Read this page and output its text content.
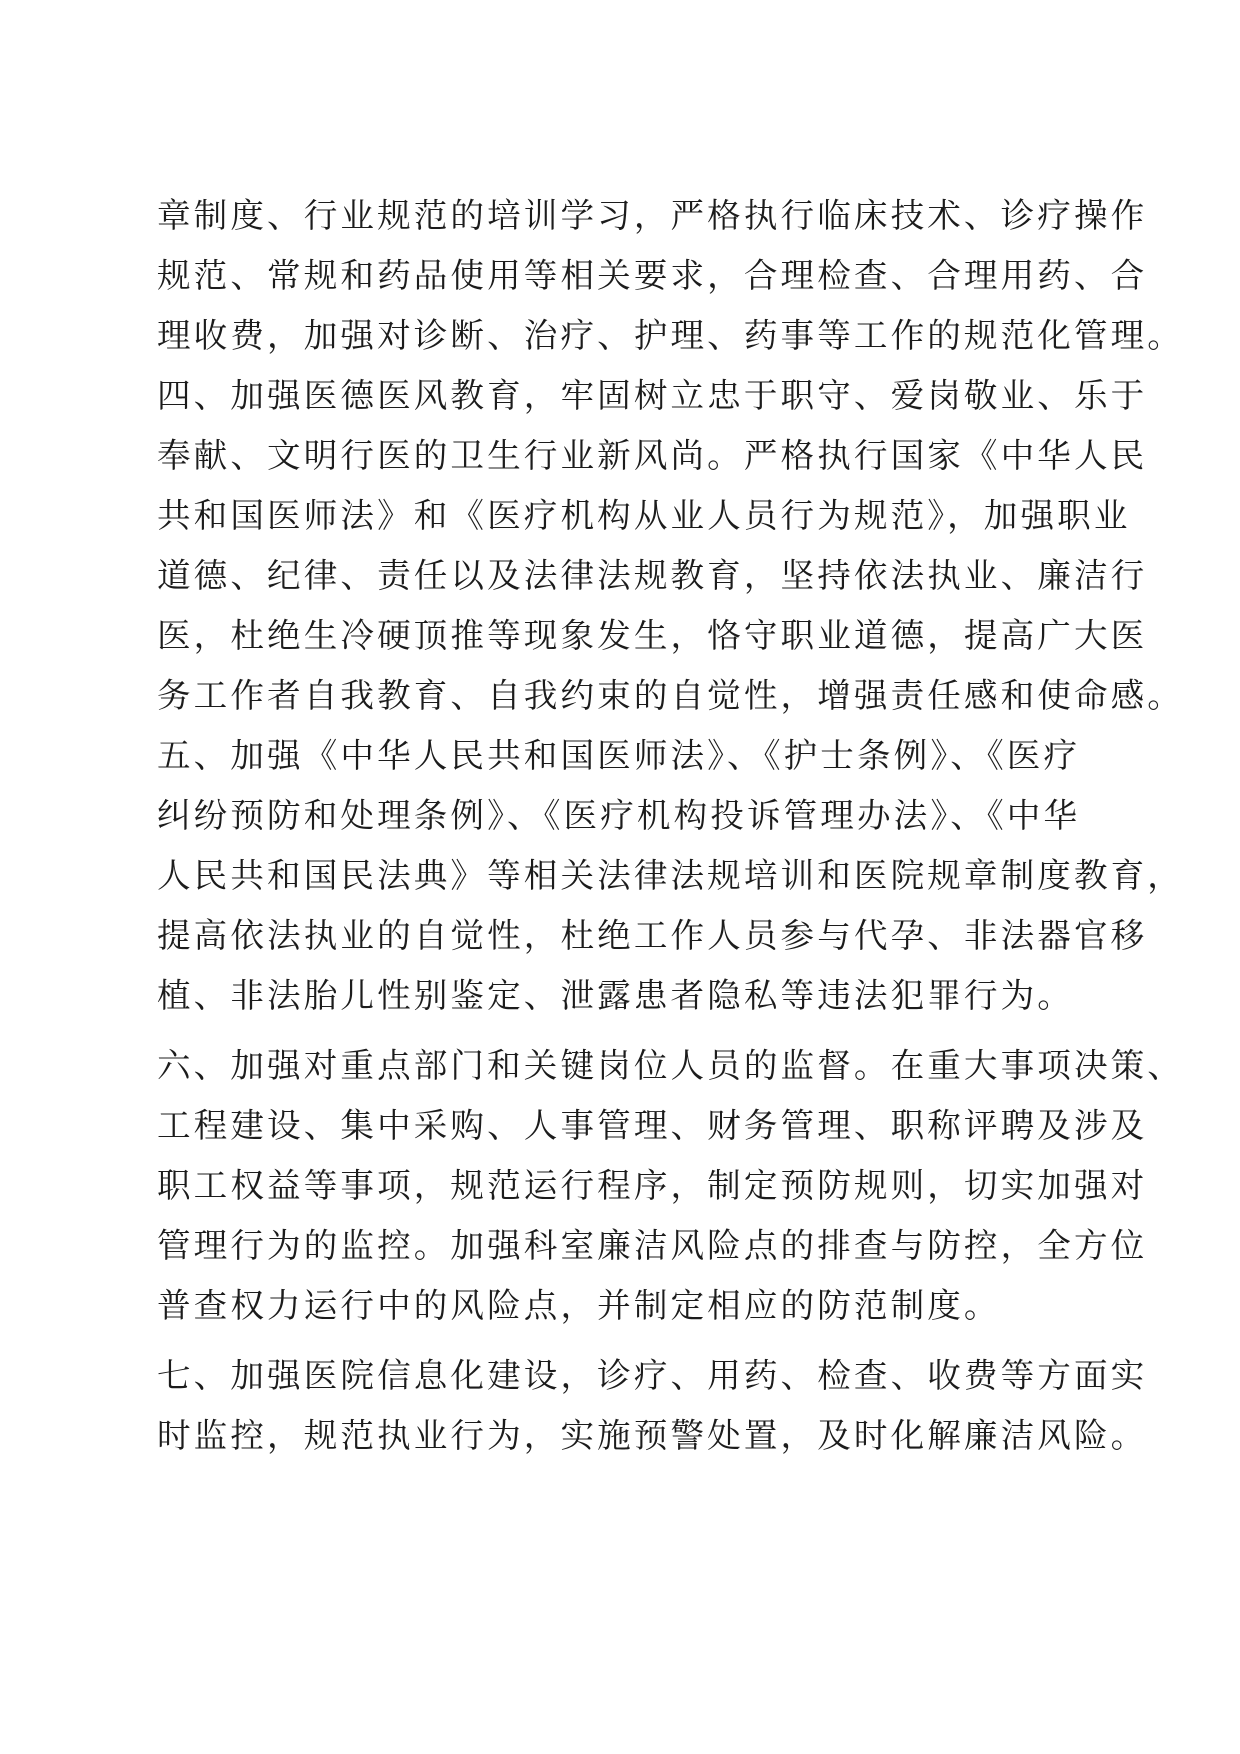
章制度、行业规范的培训学习，严格执行临床技术、诊疗操作
规范、常规和药品使用等相关要求，合理检查、合理用药、合
理收费，加强对诊断、治疗、护理、药事等工作的规范化管理。
四、加强医德医风教育，牢固树立忠于职守、爱岗敬业、乐于
奉献、文明行医的卫生行业新风尚。严格执行国家《中华人民
共和国医师法》和《医疗机构从业人员行为规范》，加强职业
道德、纪律、责任以及法律法规教育，坚持依法执业、廉洁行
医，杜绝生冷硬顶推等现象发生，恪守职业道德，提高广大医
务工作者自我教育、自我约束的自觉性，增强责任感和使命感。
五、加强《中华人民共和国医师法》、《护士条例》、《医疗
纠纷预防和处理条例》、《医疗机构投诉管理办法》、《中华
人民共和国民法典》等相关法律法规培训和医院规章制度教育，
提高依法执业的自觉性，杜绝工作人员参与代孕、非法器官移
植、非法胎儿性别鉴定、泄露患者隐私等违法犯罪行为。
六、加强对重点部门和关键岗位人员的监督。在重大事项决策、
工程建设、集中采购、人事管理、财务管理、职称评聘及涉及
职工权益等事项，规范运行程序，制定预防规则，切实加强对
管理行为的监控。加强科室廉洁风险点的排查与防控，全方位
普查权力运行中的风险点，并制定相应的防范制度。
七、加强医院信息化建设，诊疗、用药、检查、收费等方面实
时监控，规范执业行为，实施预警处置，及时化解廉洁风险。
